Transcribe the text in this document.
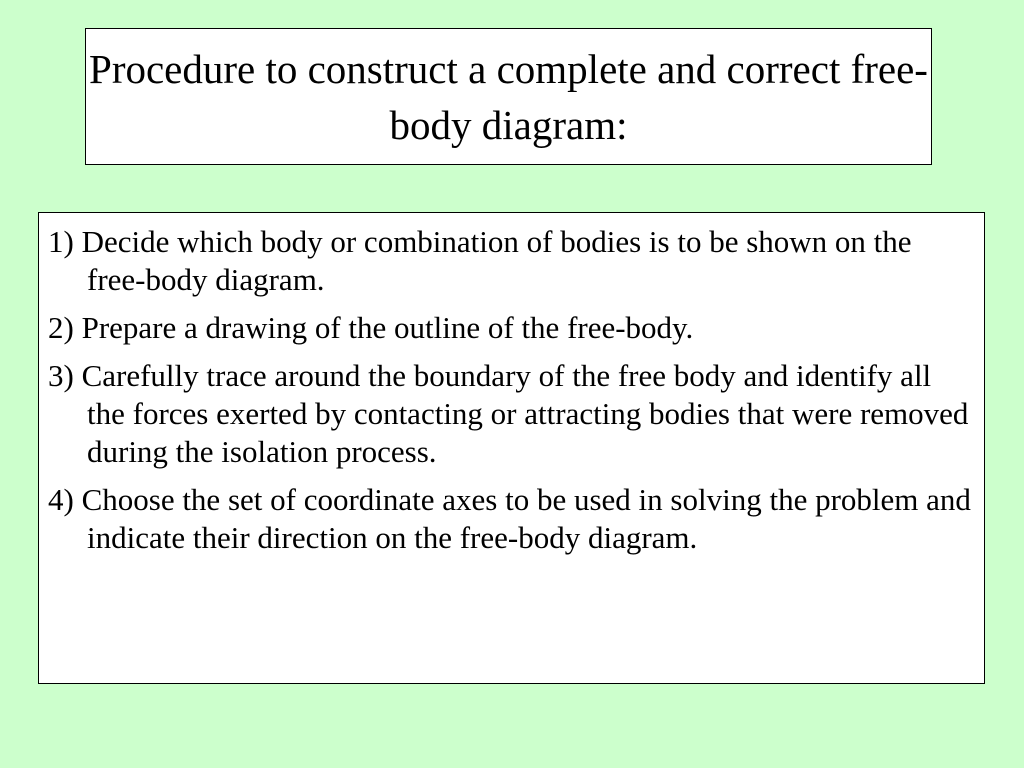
Procedure to construct a complete and correct free-body diagram:

1) Decide which body or combination of bodies is to be shown on the free-body diagram.

2) Prepare a drawing of the outline of the free-body.

3) Carefully trace around the boundary of the free body and identify all the forces exerted by contacting or attracting bodies that were removed during the isolation process.

4) Choose the set of coordinate axes to be used in solving the problem and indicate their direction on the free-body diagram.
